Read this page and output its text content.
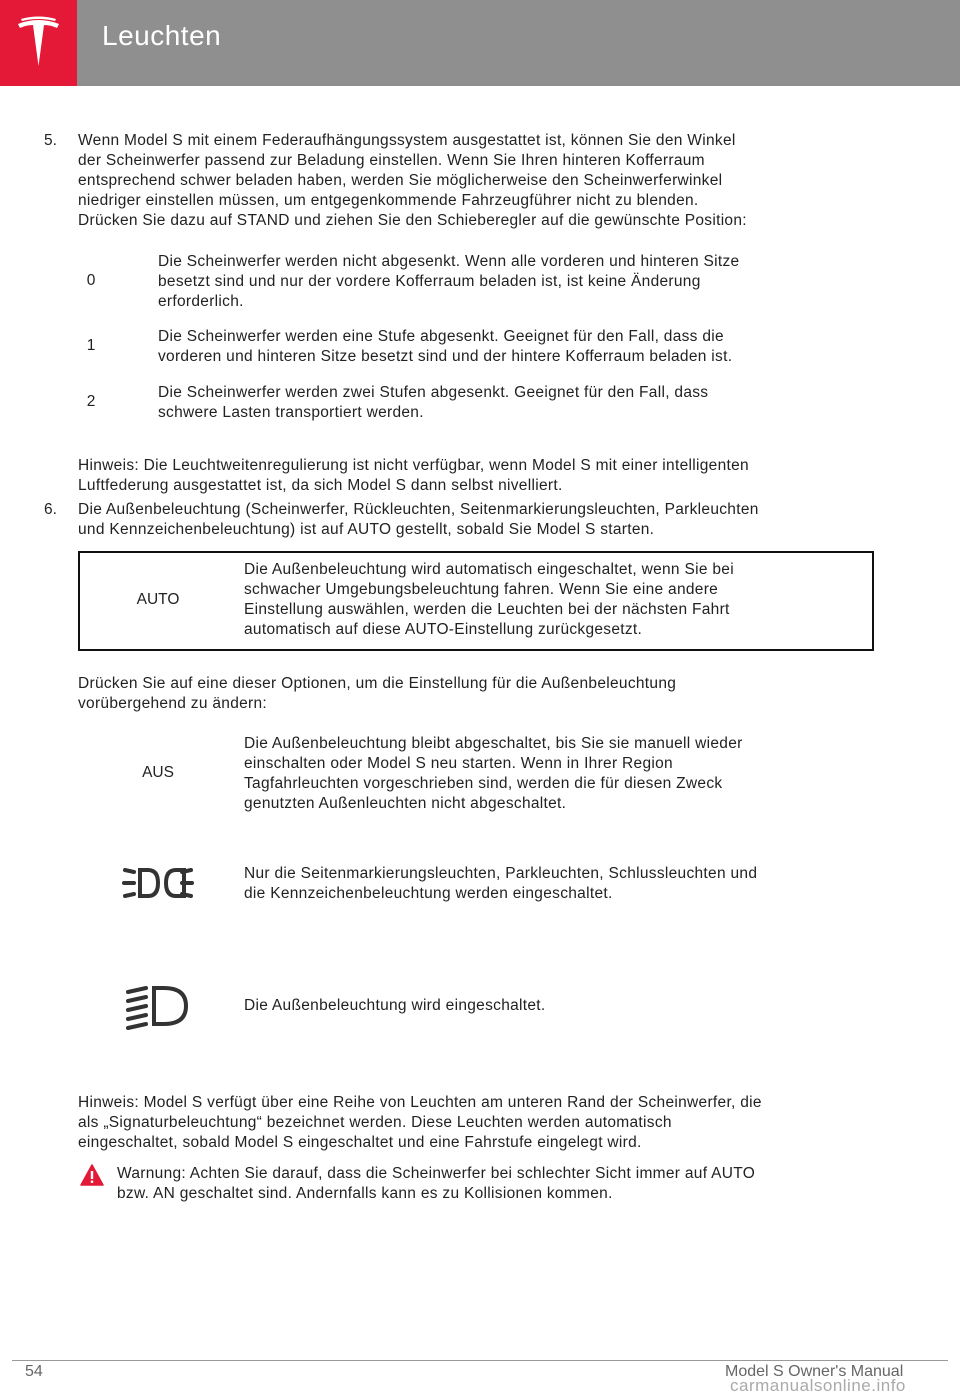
Leuchten
5. Wenn Model S mit einem Federaufhängungssystem ausgestattet ist, können Sie den Winkel
der Scheinwerfer passend zur Beladung einstellen. Wenn Sie Ihren hinteren Kofferraum
entsprechend schwer beladen haben, werden Sie möglicherweise den Scheinwerferwinkel
niedriger einstellen müssen, um entgegenkommende Fahrzeugführer nicht zu blenden.
Drücken Sie dazu auf STAND und ziehen Sie den Schieberegler auf die gewünschte Position:
0
Die Scheinwerfer werden nicht abgesenkt. Wenn alle vorderen und hinteren Sitze
besetzt sind und nur der vordere Kofferraum beladen ist, ist keine Änderung
erforderlich.
1
Die Scheinwerfer werden eine Stufe abgesenkt. Geeignet für den Fall, dass die
vorderen und hinteren Sitze besetzt sind und der hintere Kofferraum beladen ist.
2
Die Scheinwerfer werden zwei Stufen abgesenkt. Geeignet für den Fall, dass
schwere Lasten transportiert werden.
Hinweis: Die Leuchtweitenregulierung ist nicht verfügbar, wenn Model S mit einer intelligenten
Luftfederung ausgestattet ist, da sich Model S dann selbst nivelliert.
6. Die Außenbeleuchtung (Scheinwerfer, Rückleuchten, Seitenmarkierungsleuchten, Parkleuchten
und Kennzeichenbeleuchtung) ist auf AUTO gestellt, sobald Sie Model S starten.
AUTO
Die Außenbeleuchtung wird automatisch eingeschaltet, wenn Sie bei
schwacher Umgebungsbeleuchtung fahren. Wenn Sie eine andere
Einstellung auswählen, werden die Leuchten bei der nächsten Fahrt
automatisch auf diese AUTO-Einstellung zurückgesetzt.
Drücken Sie auf eine dieser Optionen, um die Einstellung für die Außenbeleuchtung
vorübergehend zu ändern:
AUS
Die Außenbeleuchtung bleibt abgeschaltet, bis Sie sie manuell wieder
einschalten oder Model S neu starten. Wenn in Ihrer Region
Tagfahrleuchten vorgeschrieben sind, werden die für diesen Zweck
genutzten Außenleuchten nicht abgeschaltet.
Nur die Seitenmarkierungsleuchten, Parkleuchten, Schlussleuchten und
die Kennzeichenbeleuchtung werden eingeschaltet.
Die Außenbeleuchtung wird eingeschaltet.
Hinweis: Model S verfügt über eine Reihe von Leuchten am unteren Rand der Scheinwerfer, die
als „Signaturbeleuchtung“ bezeichnet werden. Diese Leuchten werden automatisch
eingeschaltet, sobald Model S eingeschaltet und eine Fahrstufe eingelegt wird.
Warnung: Achten Sie darauf, dass die Scheinwerfer bei schlechter Sicht immer auf AUTO
bzw. AN geschaltet sind. Andernfalls kann es zu Kollisionen kommen.
54	Model S Owner's Manual
carmanualsonline.info
